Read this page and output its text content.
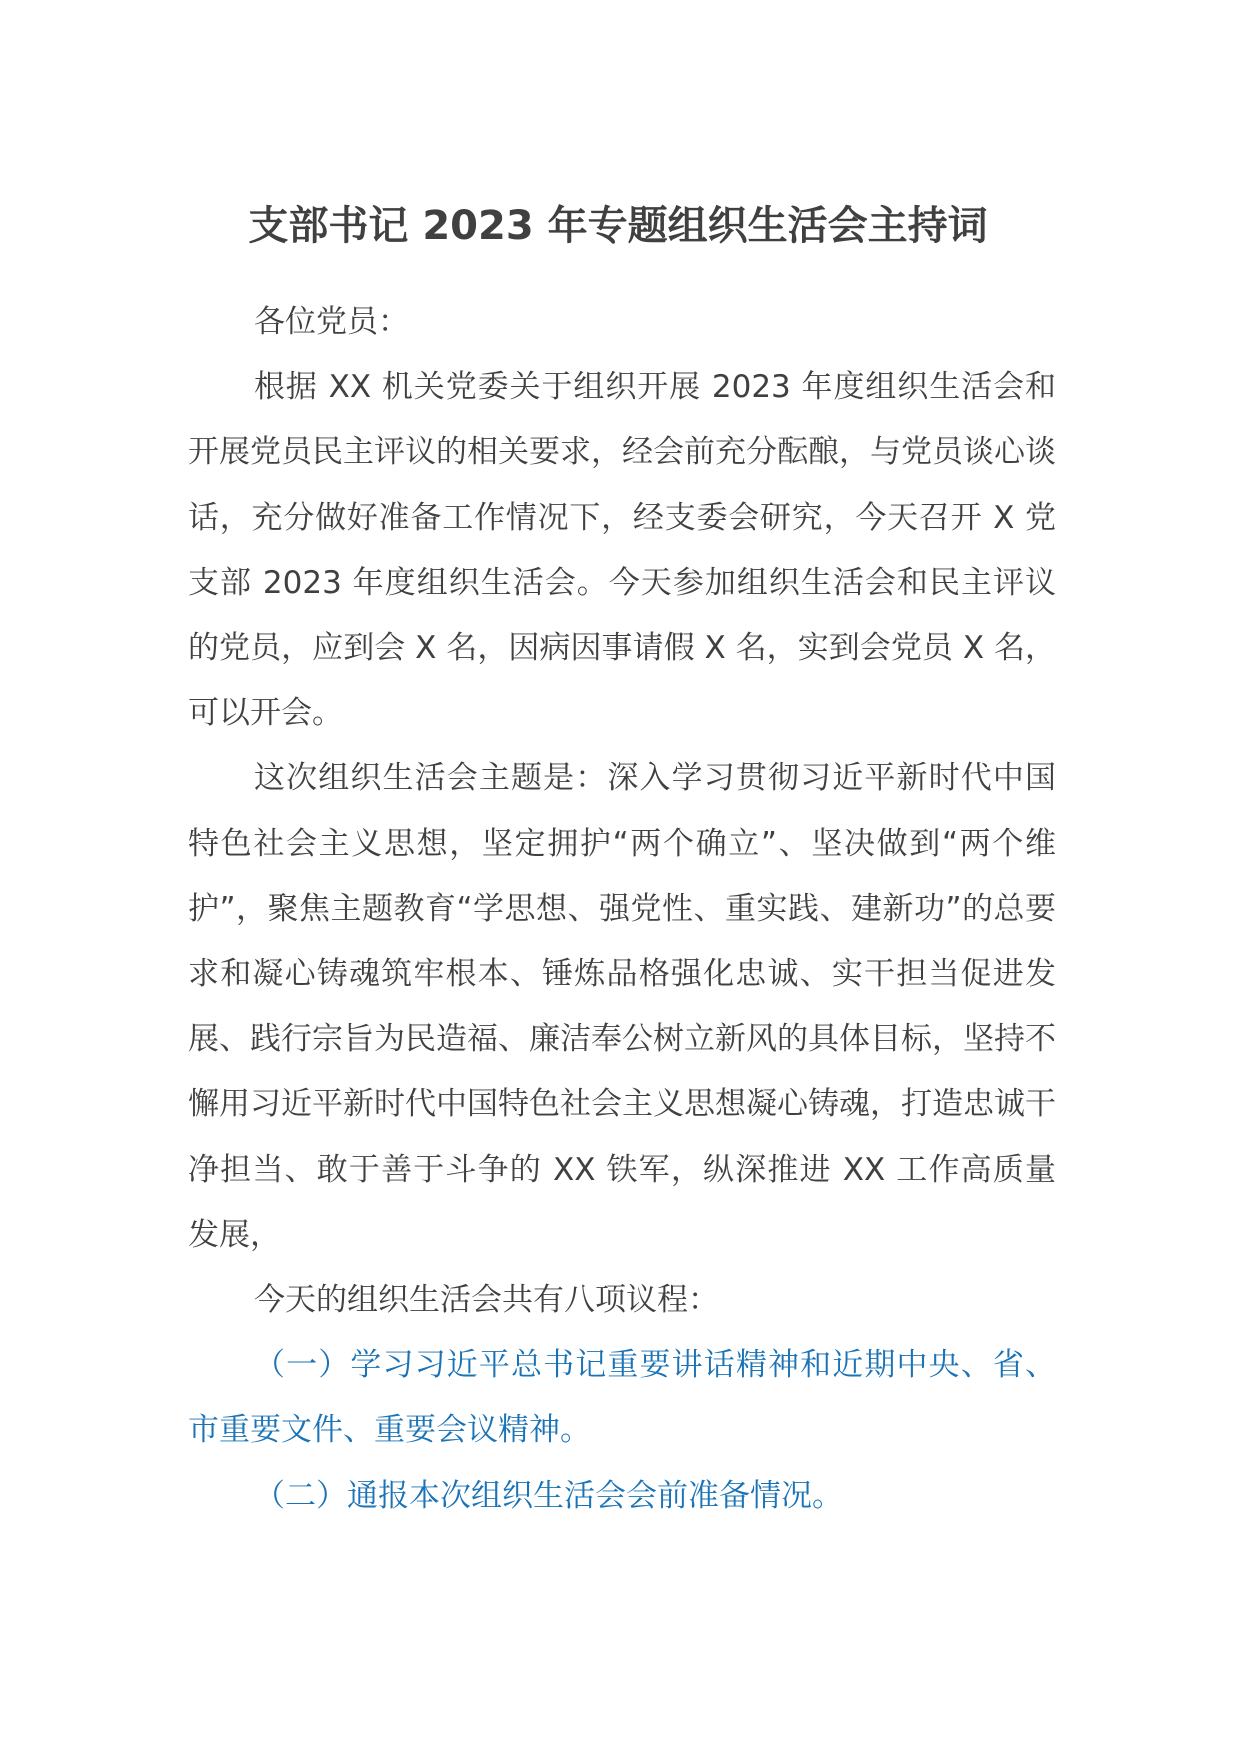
支部书记 2023 年专题组织生活会主持词

各位党员：

根据 XX 机关党委关于组织开展 2023 年度组织生活会和开展党员民主评议的相关要求，经会前充分酝酿，与党员谈心谈话，充分做好准备工作情况下，经支委会研究，今天召开 X 党支部 2023 年度组织生活会。今天参加组织生活会和民主评议的党员，应到会 X 名，因病因事请假 X 名，实到会党员 X 名，可以开会。

这次组织生活会主题是：深入学习贯彻习近平新时代中国特色社会主义思想，坚定拥护“两个确立”、坚决做到“两个维护”，聚焦主题教育“学思想、强党性、重实践、建新功”的总要求和凝心铸魂筑牢根本、锤炼品格强化忠诚、实干担当促进发展、践行宗旨为民造福、廉洁奉公树立新风的具体目标，坚持不懈用习近平新时代中国特色社会主义思想凝心铸魂，打造忠诚干净担当、敢于善于斗争的 XX 铁军，纵深推进 XX 工作高质量发展，

今天的组织生活会共有八项议程：

（一）学习习近平总书记重要讲话精神和近期中央、省、市重要文件、重要会议精神。

（二）通报本次组织生活会会前准备情况。
